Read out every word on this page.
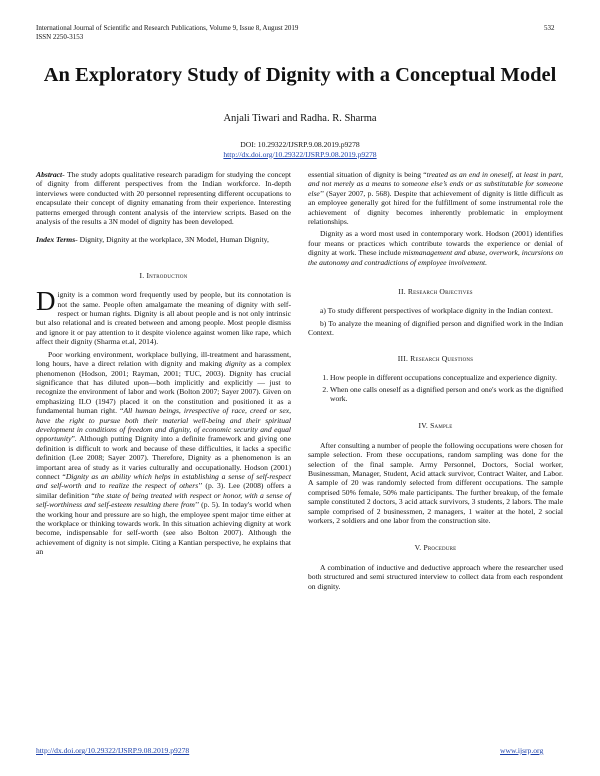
International Journal of Scientific and Research Publications, Volume 9, Issue 8, August 2019
ISSN 2250-3153
532
An Exploratory Study of Dignity with a Conceptual Model
Anjali Tiwari and Radha. R. Sharma
DOI: 10.29322/IJSRP.9.08.2019.p9278
http://dx.doi.org/10.29322/IJSRP.9.08.2019.p9278

Abstract- The study adopts qualitative research paradigm for studying the concept of dignity from different perspectives from the Indian workforce. In-depth interviews were conducted with 20 personnel representing different occupations to encapsulate their concept of dignity emanating from their experience. Interesting patterns emerged through content analysis of the interview scripts. Based on the analysis of the results a 3N model of dignity has been developed.

Index Terms- Dignity, Dignity at the workplace, 3N Model, Human Dignity,

I. Introduction

Dignity is a common word frequently used by people, but its connotation is not the same. People often amalgamate the meaning of dignity with self-respect or human rights. Dignity is all about people and is not only intrinsic but also relational and is created between and among people. Most people dismiss and ignore it or pay attention to it despite violence against women like rape, which affect their dignity (Sharma et.al, 2014).

Poor working environment, workplace bullying, ill-treatment and harassment, long hours, have a direct relation with dignity and making dignity as a complex phenomenon (Hodson, 2001; Rayman, 2001; TUC, 2003). Dignity has crucial significance that has diluted upon—both implicitly and explicitly — just to recognize the environment of labor and work (Bolton 2007; Sayer 2007). Given on emphasizing ILO (1947) placed it on the constitution and positioned it as a fundamental human right. “All human beings, irrespective of race, creed or sex, have the right to pursue both their material well-being and their spiritual development in conditions of freedom and dignity, of economic security and equal opportunity”. Although putting Dignity into a definite framework and giving one definition is difficult to work and because of these difficulties, it lacks a specific definition (Lee 2008; Sayer 2007). Therefore, Dignity as a phenomenon is an important area of study as it varies culturally and occupationally. Hodson (2001) connect “Dignity as an ability which helps in establishing a sense of self-respect and self-worth and to realize the respect of others’’ (p. 3). Lee (2008) offers a similar definition “the state of being treated with respect or honor, with a sense of self-worthiness and self-esteem resulting there from’’ (p. 5). In today's world when the working hour and pressure are so high, the employee spent major time either at the workplace or thinking towards work. In this situation achieving dignity at work become, indispensable for self-worth (see also Bolton 2007). Although the achievement of dignity is not simple. Citing a Kantian perspective, he explains that an

essential situation of dignity is being “treated as an end in oneself, at least in part, and not merely as a means to someone else’s ends or as substitutable for someone else’’ (Sayer 2007, p. 568). Despite that achievement of dignity is little difficult as an employee generally got hired for the fulfillment of some instrumental role the achievement of dignity becomes inherently problematic in employment relationships.

Dignity as a word most used in contemporary work. Hodson (2001) identifies four means or practices which contribute towards the experience or denial of dignity at work. These include mismanagement and abuse, overwork, incursions on the autonomy and contradictions of employee involvement.

II. Research Objectives

a) To study different perspectives of workplace dignity in the Indian context.

b) To analyze the meaning of dignified person and dignified work in the Indian Context.

III. Research Questions
1. How people in different occupations conceptualize and experience dignity.
2. When one calls oneself as a dignified person and one's work as the dignified work.
IV. Sample

After consulting a number of people the following occupations were chosen for sample selection. From these occupations, random sampling was done for the selection of the final sample. Army Personnel, Doctors, Social worker, Businessman, Manager, Student, Acid attack survivor, Contract Waiter, and Labor. A sample of 20 was randomly selected from different occupations. The sample comprised 50% female, 50% male participants. The further breakup, of the female sample constituted 2 doctors, 3 acid attack survivors, 3 students, 2 labors. The male sample comprised of 2 businessmen, 2 managers, 1 waiter at the hotel, 2 social workers, 2 soldiers and one labor from the construction site.

V. Procedure

A combination of inductive and deductive approach where the researcher used both structured and semi structured interview to collect data from each respondent on dignity.

http://dx.doi.org/10.29322/IJSRP.9.08.2019.p9278	www.ijsrp.org
